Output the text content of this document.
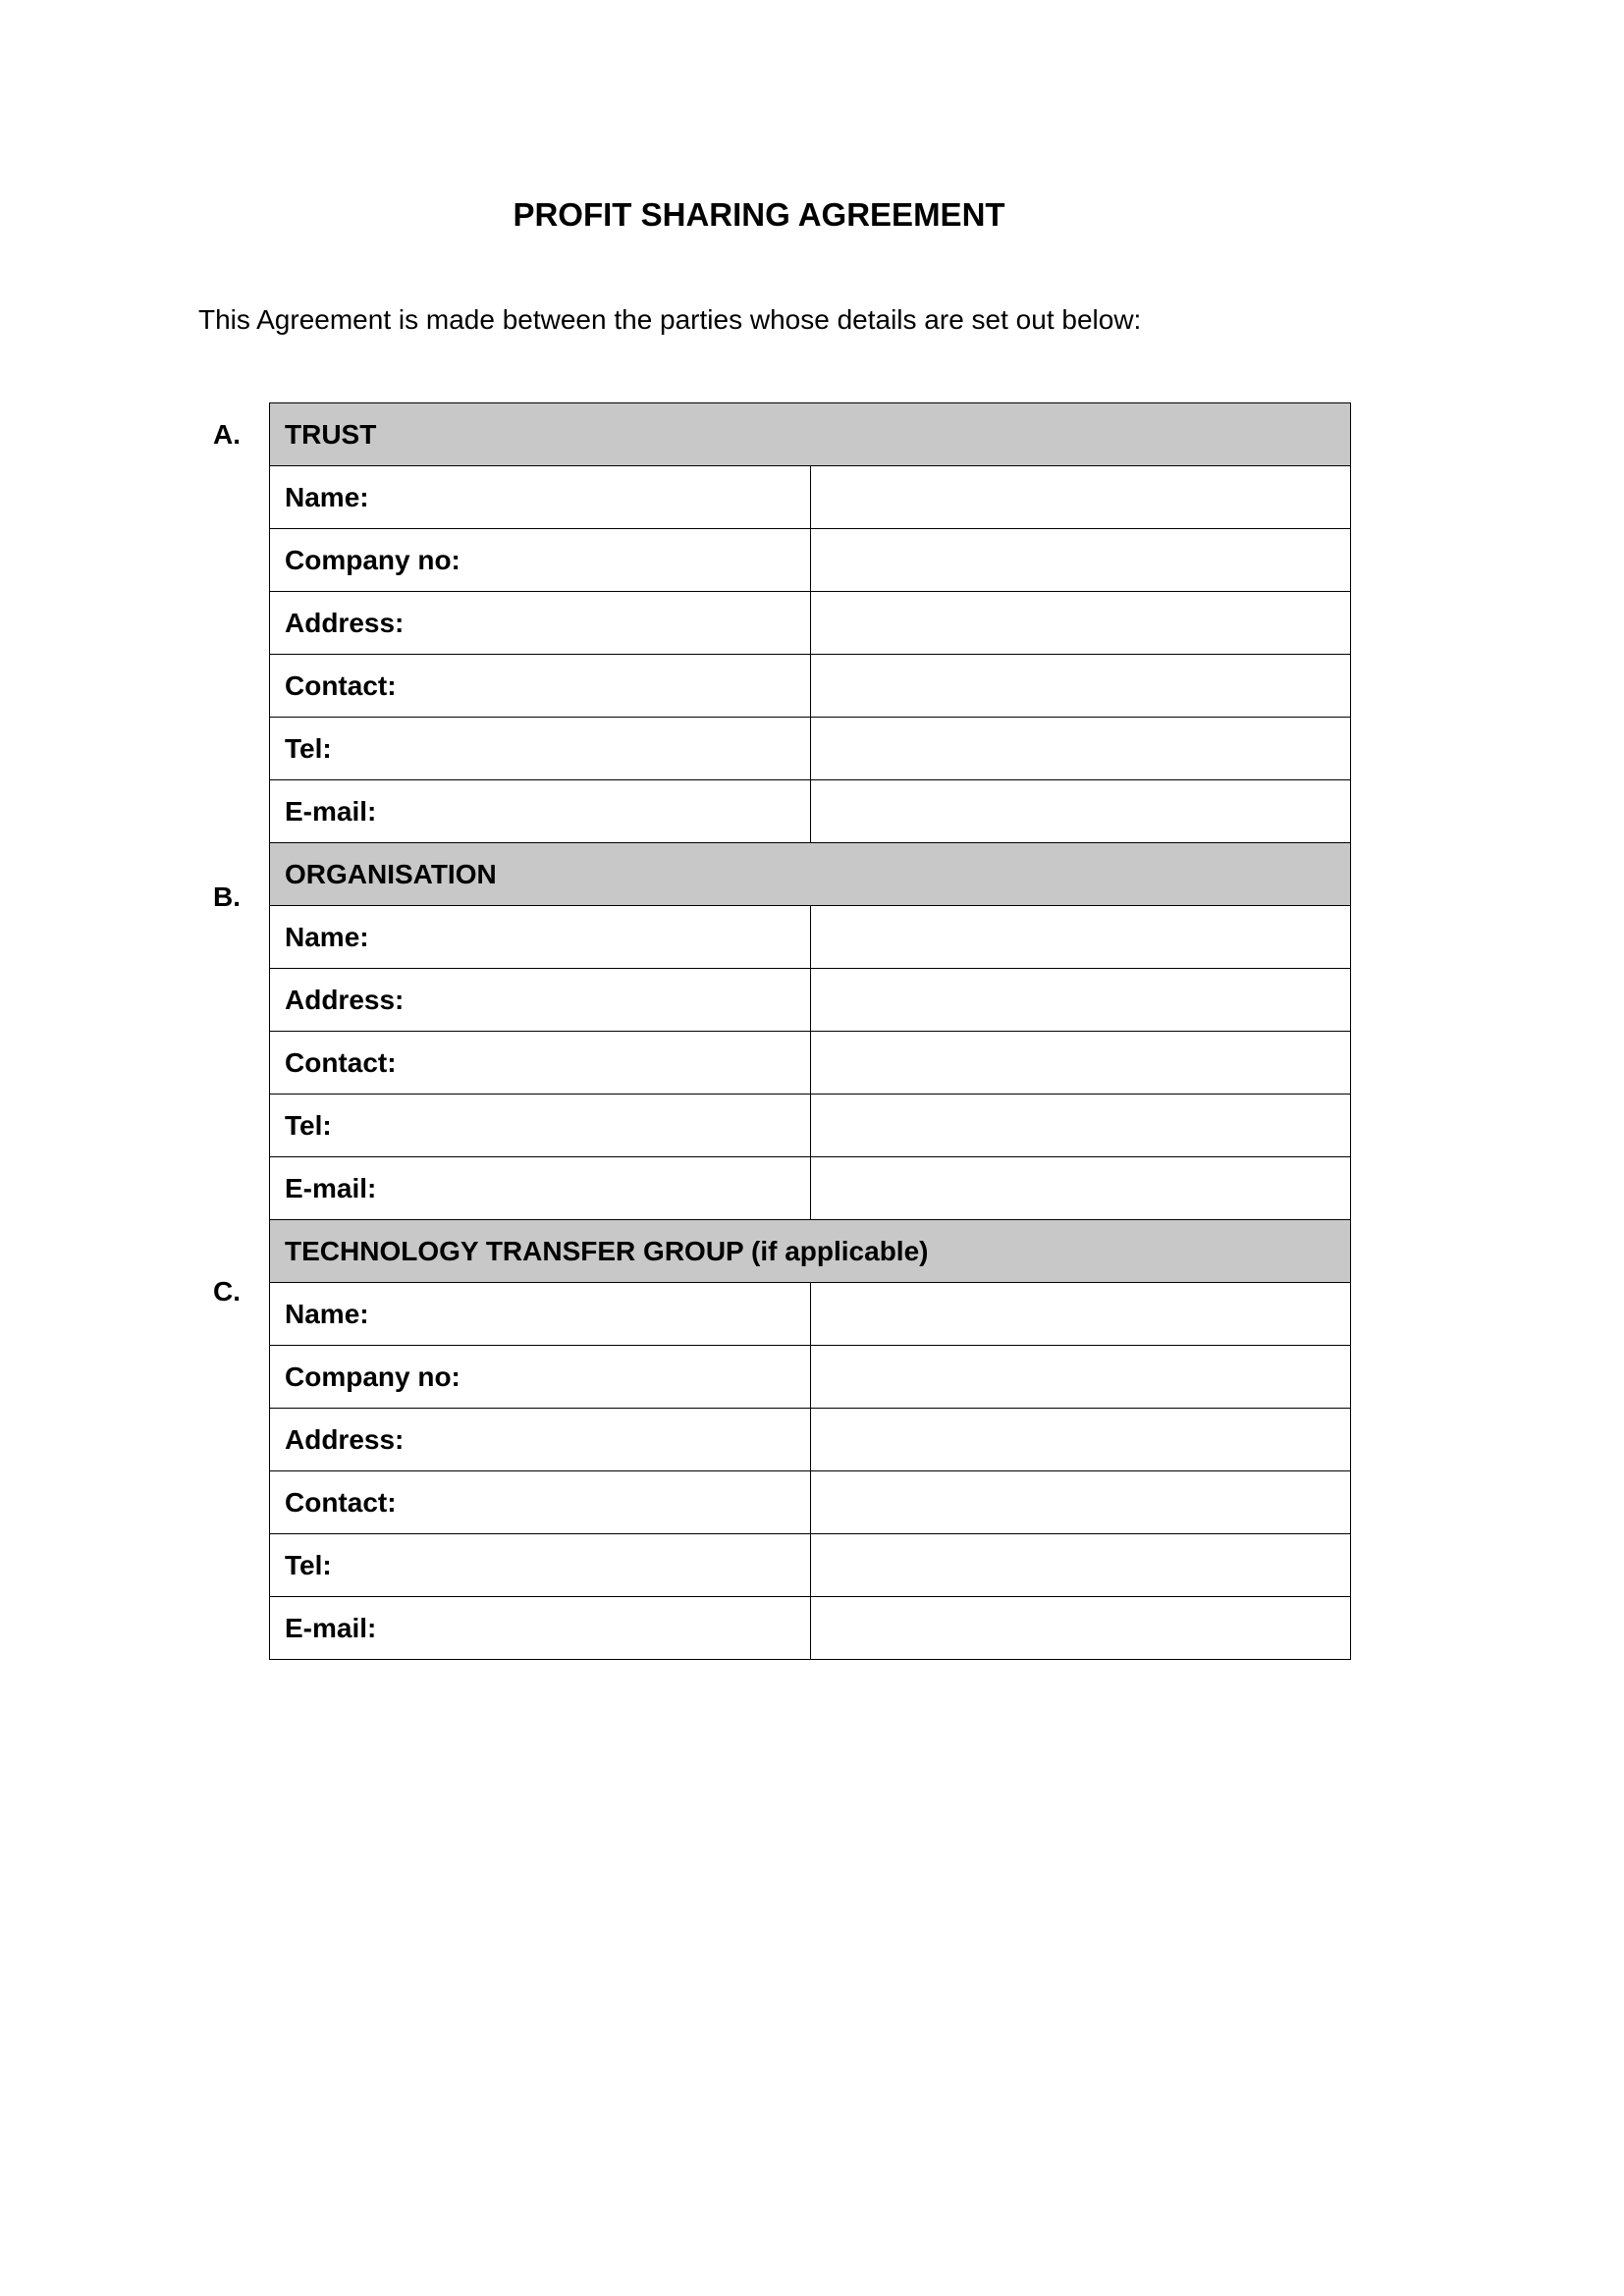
PROFIT SHARING AGREEMENT

This Agreement is made between the parties whose details are set out below:

A.

B.

C.

TRUST	
Name:	
Company no:	
Address:	
Contact:	
Tel:	
E-mail:	
ORGANISATION	
Name:	
Address:	
Contact:	
Tel:	
E-mail:	
TECHNOLOGY TRANSFER GROUP (if applicable)	
Name:	
Company no:	
Address:	
Contact:	
Tel:	
E-mail:	
